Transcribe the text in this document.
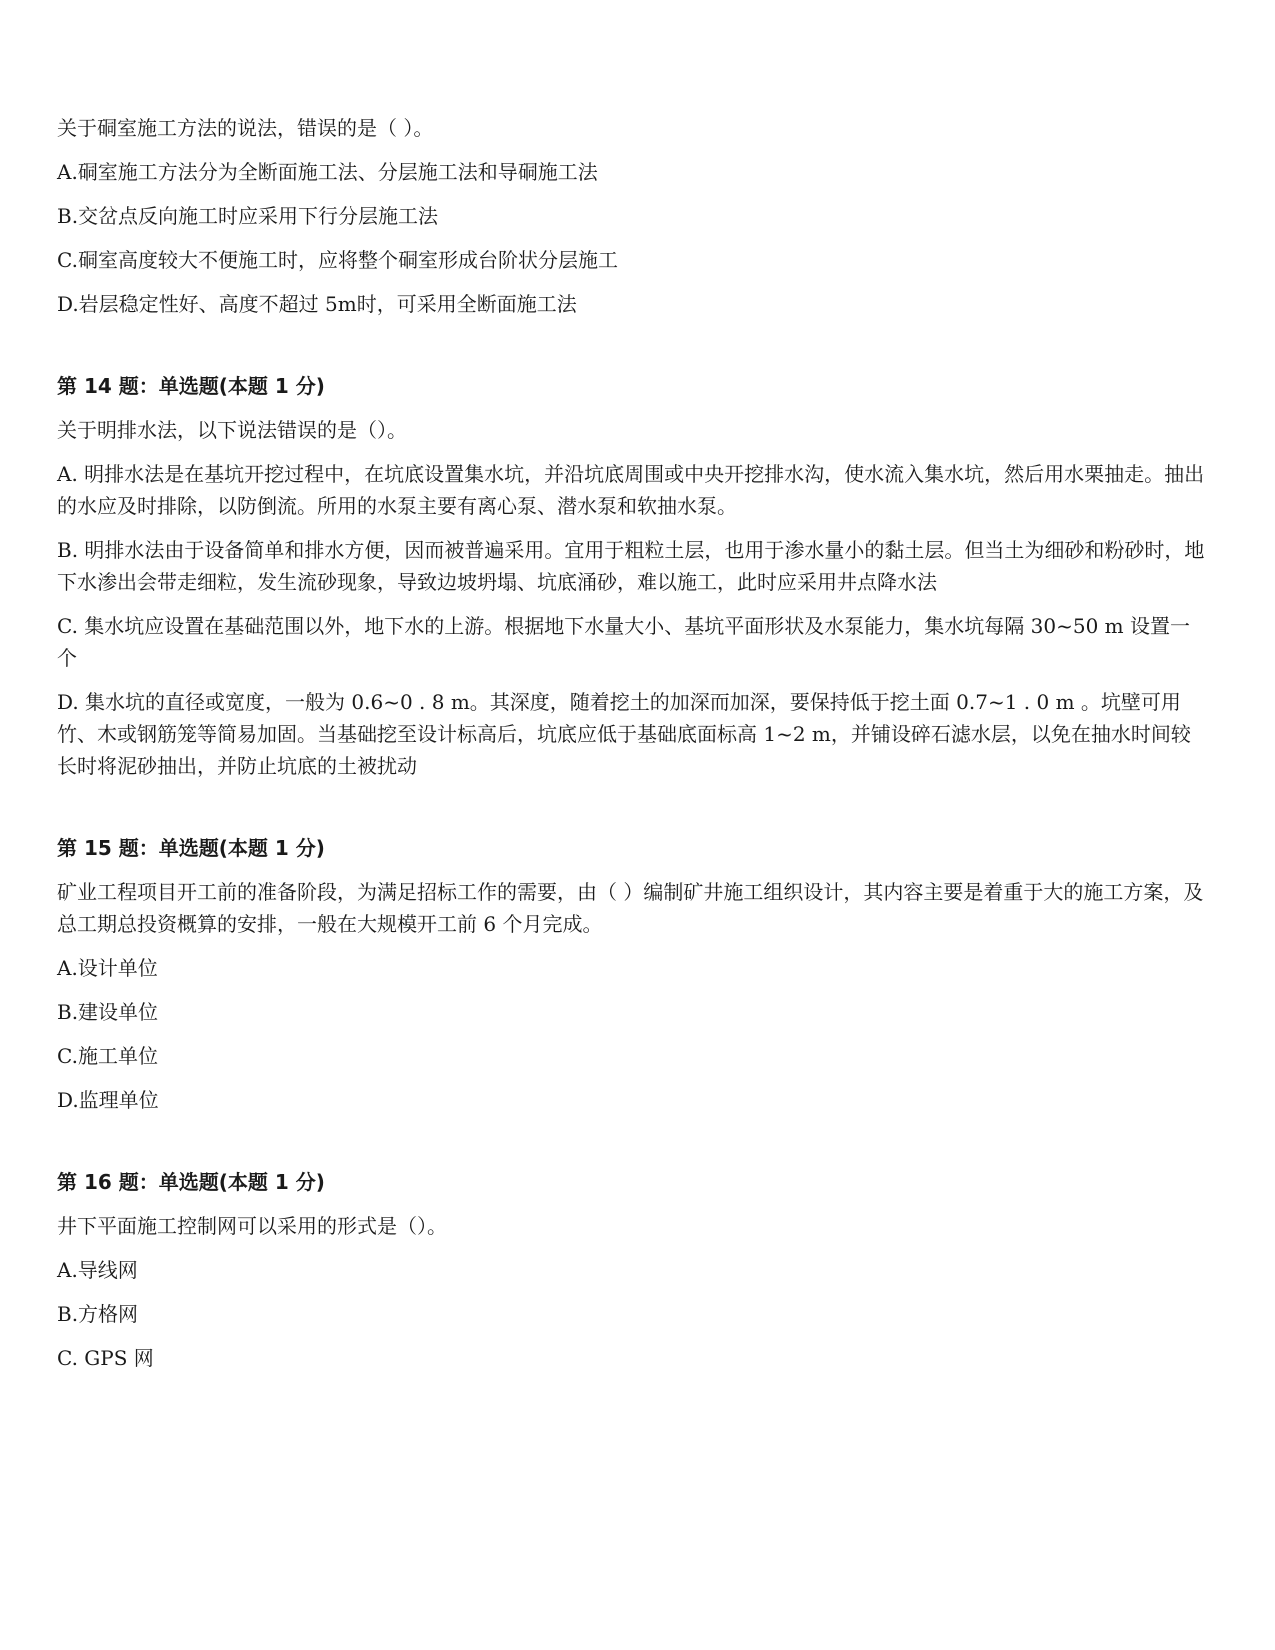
关于硐室施工方法的说法，错误的是（ ）。

A.硐室施工方法分为全断面施工法、分层施工法和导硐施工法

B.交岔点反向施工时应采用下行分层施工法

C.硐室高度较大不便施工时，应将整个硐室形成台阶状分层施工

D.岩层稳定性好、高度不超过 5m时，可采用全断面施工法

第 14 题：单选题(本题 1 分)

关于明排水法，以下说法错误的是（）。

A. 明排水法是在基坑开挖过程中，在坑底设置集水坑，并沿坑底周围或中央开挖排水沟，使水流入集水坑，然后用水栗抽走。抽出的水应及时排除，以防倒流。所用的水泵主要有离心泵、潜水泵和软抽水泵。

B. 明排水法由于设备简单和排水方便，因而被普遍采用。宜用于粗粒土层，也用于渗水量小的黏土层。但当土为细砂和粉砂时，地下水渗出会带走细粒，发生流砂现象，导致边坡坍塌、坑底涌砂，难以施工，此时应采用井点降水法

C. 集水坑应设置在基础范围以外，地下水的上游。根据地下水量大小、基坑平面形状及水泵能力，集水坑每隔 30~50 m 设置一个

D. 集水坑的直径或宽度，一般为 0.6~0 . 8 m。其深度，随着挖土的加深而加深，要保持低于挖土面 0.7~1 . 0 m 。坑壁可用竹、木或钢筋笼等简易加固。当基础挖至设计标高后，坑底应低于基础底面标高 1~2 m，并铺设碎石滤水层，以免在抽水时间较长时将泥砂抽出，并防止坑底的土被扰动

第 15 题：单选题(本题 1 分)

矿业工程项目开工前的准备阶段，为满足招标工作的需要，由（ ）编制矿井施工组织设计，其内容主要是着重于大的施工方案，及总工期总投资概算的安排，一般在大规模开工前 6 个月完成。

A.设计单位

B.建设单位

C.施工单位

D.监理单位

第 16 题：单选题(本题 1 分)

井下平面施工控制网可以采用的形式是（）。

A.导线网

B.方格网

C. GPS 网
